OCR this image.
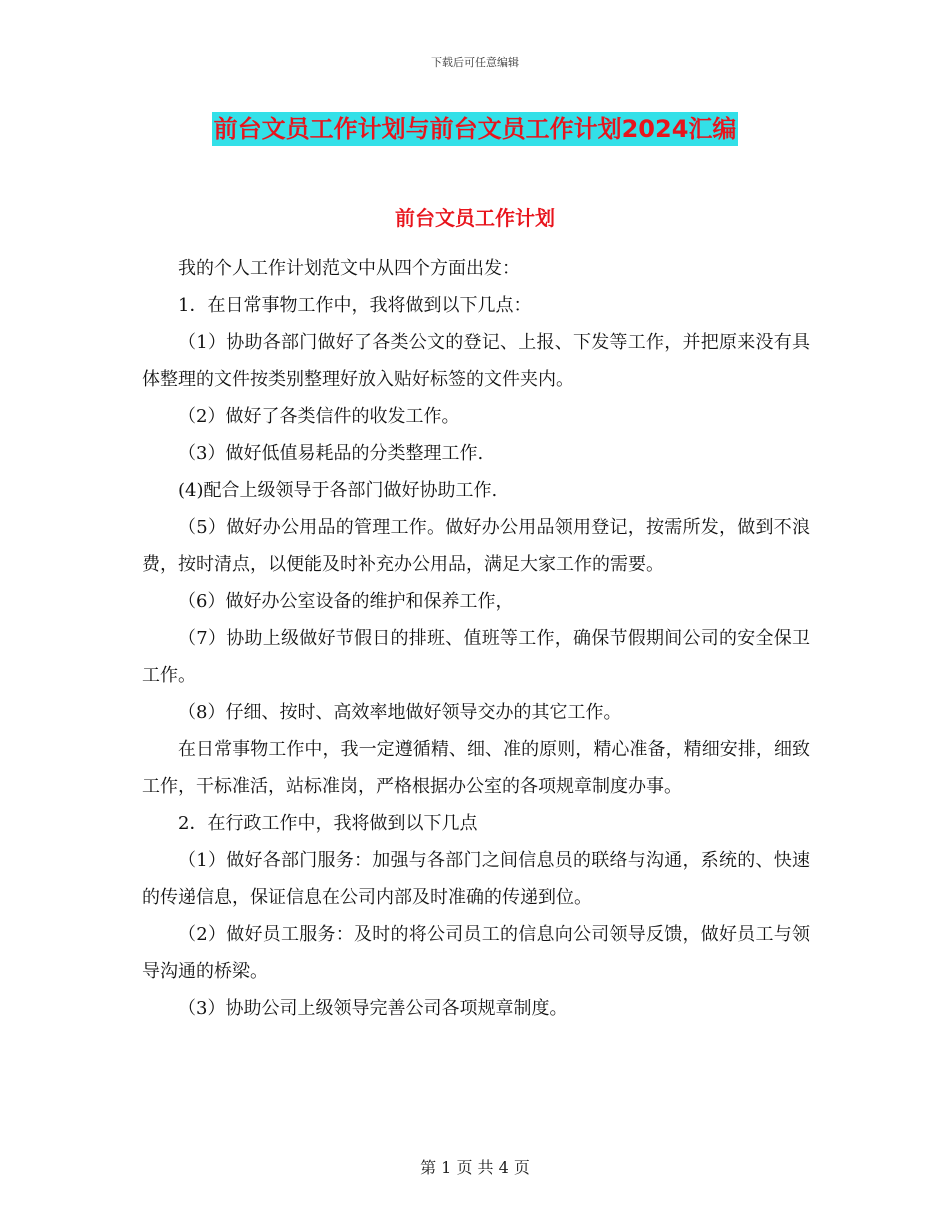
下载后可任意编辑
前台文员工作计划与前台文员工作计划2024汇编
前台文员工作计划

我的个人工作计划范文中从四个方面出发：

1．在日常事物工作中，我将做到以下几点：

（1）协助各部门做好了各类公文的登记、上报、下发等工作，并把原来没有具体整理的文件按类别整理好放入贴好标签的文件夹内。

（2）做好了各类信件的收发工作。

（3）做好低值易耗品的分类整理工作.

(4)配合上级领导于各部门做好协助工作.

（5）做好办公用品的管理工作。做好办公用品领用登记，按需所发，做到不浪费，按时清点，以便能及时补充办公用品，满足大家工作的需要。

（6）做好办公室设备的维护和保养工作，

（7）协助上级做好节假日的排班、值班等工作，确保节假期间公司的安全保卫工作。

（8）仔细、按时、高效率地做好领导交办的其它工作。

在日常事物工作中，我一定遵循精、细、准的原则，精心准备，精细安排，细致工作，干标准活，站标准岗，严格根据办公室的各项规章制度办事。

2．在行政工作中，我将做到以下几点

（1）做好各部门服务：加强与各部门之间信息员的联络与沟通，系统的、快速的传递信息，保证信息在公司内部及时准确的传递到位。

（2）做好员工服务：及时的将公司员工的信息向公司领导反馈，做好员工与领导沟通的桥梁。

（3）协助公司上级领导完善公司各项规章制度。

第 1 页 共 4 页
